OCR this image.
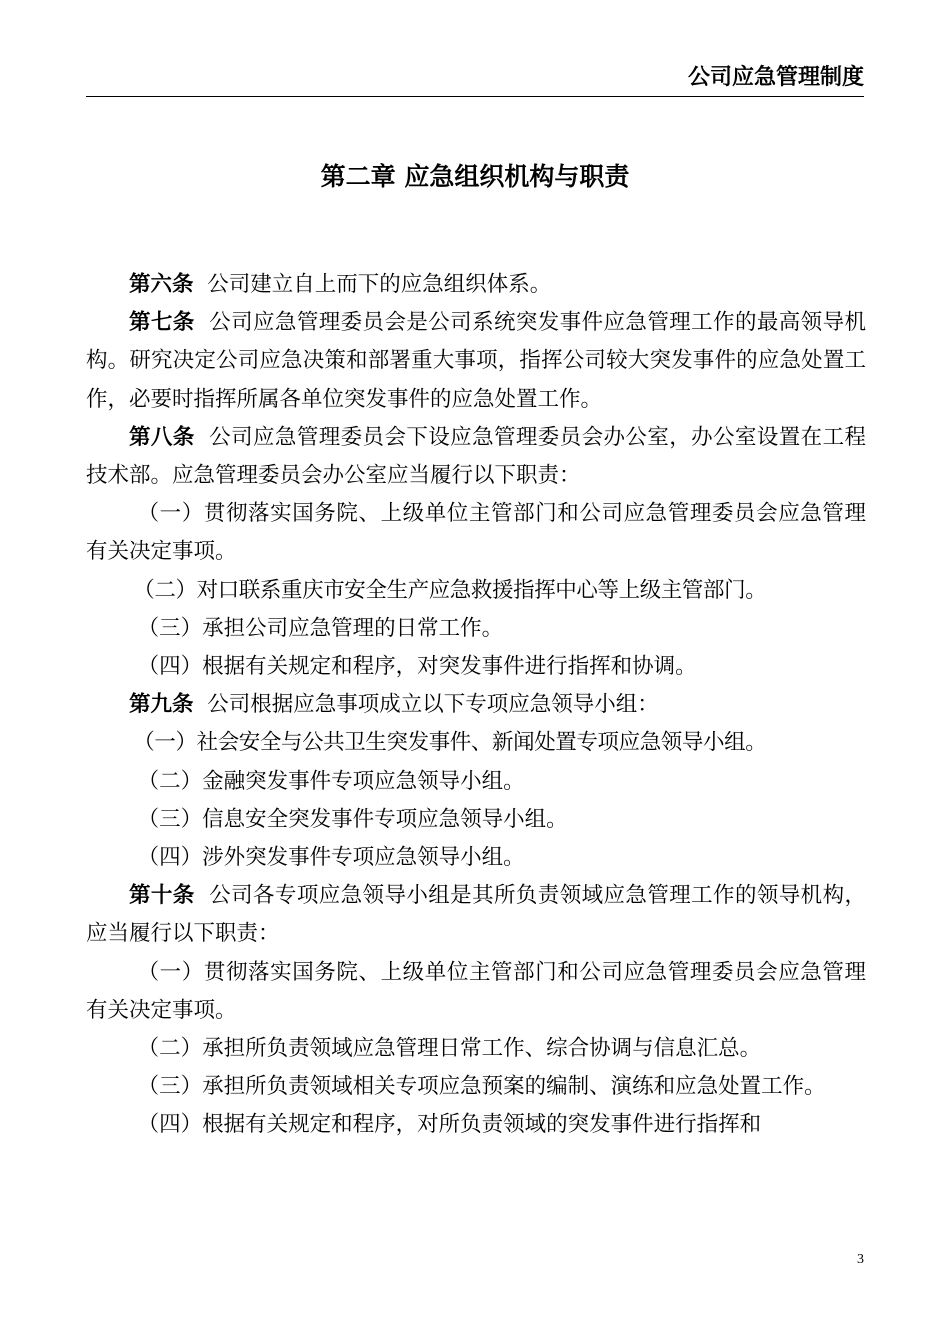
公司应急管理制度
第二章 应急组织机构与职责

第六条 公司建立自上而下的应急组织体系。

第七条 公司应急管理委员会是公司系统突发事件应急管理工作的最高领导机构。研究决定公司应急决策和部署重大事项，指挥公司较大突发事件的应急处置工作，必要时指挥所属各单位突发事件的应急处置工作。

第八条 公司应急管理委员会下设应急管理委员会办公室，办公室设置在工程技术部。应急管理委员会办公室应当履行以下职责：

（一）贯彻落实国务院、上级单位主管部门和公司应急管理委员会应急管理有关决定事项。

（二）对口联系重庆市安全生产应急救援指挥中心等上级主管部门。

（三）承担公司应急管理的日常工作。

（四）根据有关规定和程序，对突发事件进行指挥和协调。

第九条 公司根据应急事项成立以下专项应急领导小组：

（一）社会安全与公共卫生突发事件、新闻处置专项应急领导小组。

（二）金融突发事件专项应急领导小组。

（三）信息安全突发事件专项应急领导小组。

（四）涉外突发事件专项应急领导小组。

第十条 公司各专项应急领导小组是其所负责领域应急管理工作的领导机构，应当履行以下职责：

（一）贯彻落实国务院、上级单位主管部门和公司应急管理委员会应急管理有关决定事项。

（二）承担所负责领域应急管理日常工作、综合协调与信息汇总。

（三）承担所负责领域相关专项应急预案的编制、演练和应急处置工作。

（四）根据有关规定和程序，对所负责领域的突发事件进行指挥和

3
